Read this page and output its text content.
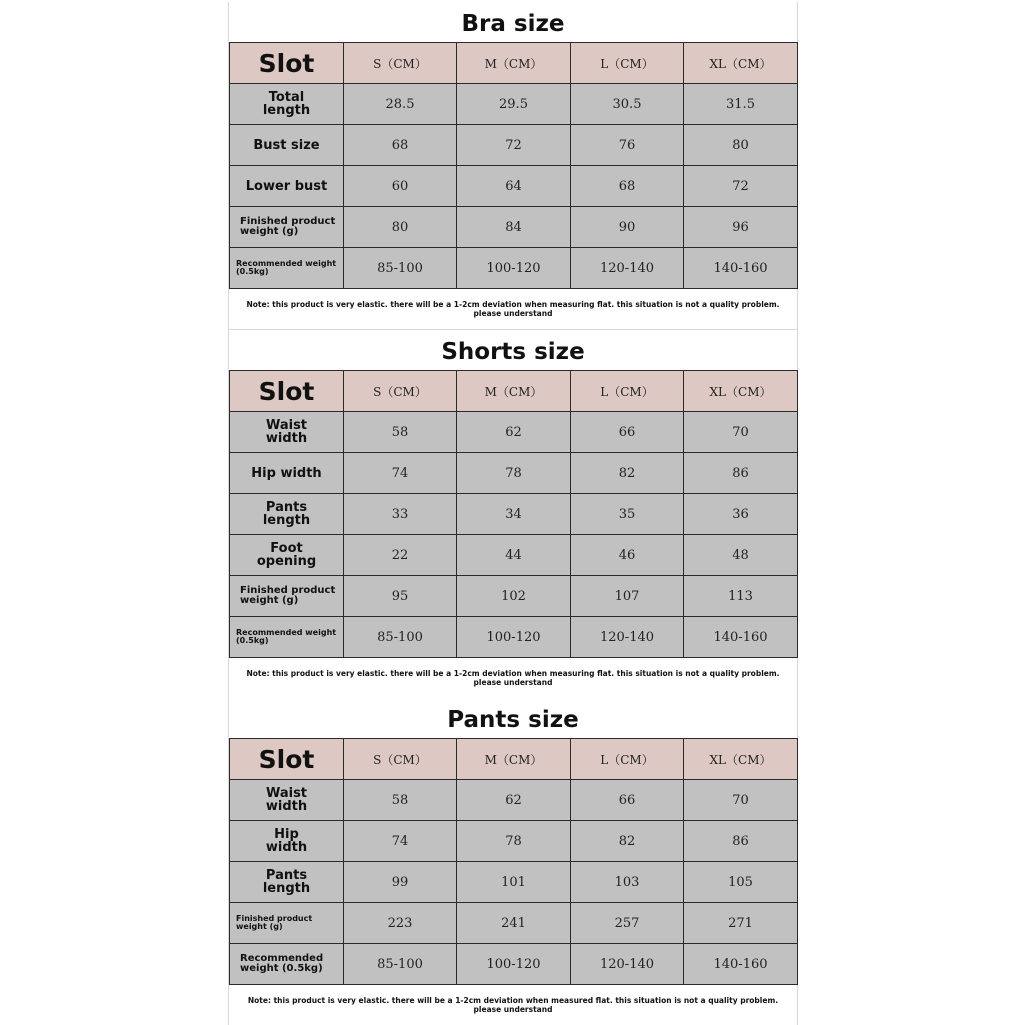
Bra size
Slot	S（CM）	M（CM）	L（CM）	XL（CM）
Total
length	28.5	29.5	30.5	31.5
Bust size	68	72	76	80
Lower bust	60	64	68	72
Finished product
weight (g)	80	84	90	96
Recommended weight
(0.5kg)	85-100	100-120	120-140	140-160
Note: this product is very elastic. there will be a 1-2cm deviation when measuring flat. this situation is not a quality problem. please understand
Shorts size
Slot	S（CM）	M（CM）	L（CM）	XL（CM）
Waist
width	58	62	66	70
Hip width	74	78	82	86
Pants
length	33	34	35	36
Foot
opening	22	44	46	48
Finished product
weight (g)	95	102	107	113
Recommended weight
(0.5kg)	85-100	100-120	120-140	140-160
Note: this product is very elastic. there will be a 1-2cm deviation when measuring flat. this situation is not a quality problem. please understand
Pants size
Slot	S（CM）	M（CM）	L（CM）	XL（CM）
Waist
width	58	62	66	70
Hip
width	74	78	82	86
Pants
length	99	101	103	105
Finished product
weight (g)	223	241	257	271
Recommended
weight (0.5kg)	85-100	100-120	120-140	140-160
Note: this product is very elastic. there will be a 1-2cm deviation when measured flat. this situation is not a quality problem. please understand
